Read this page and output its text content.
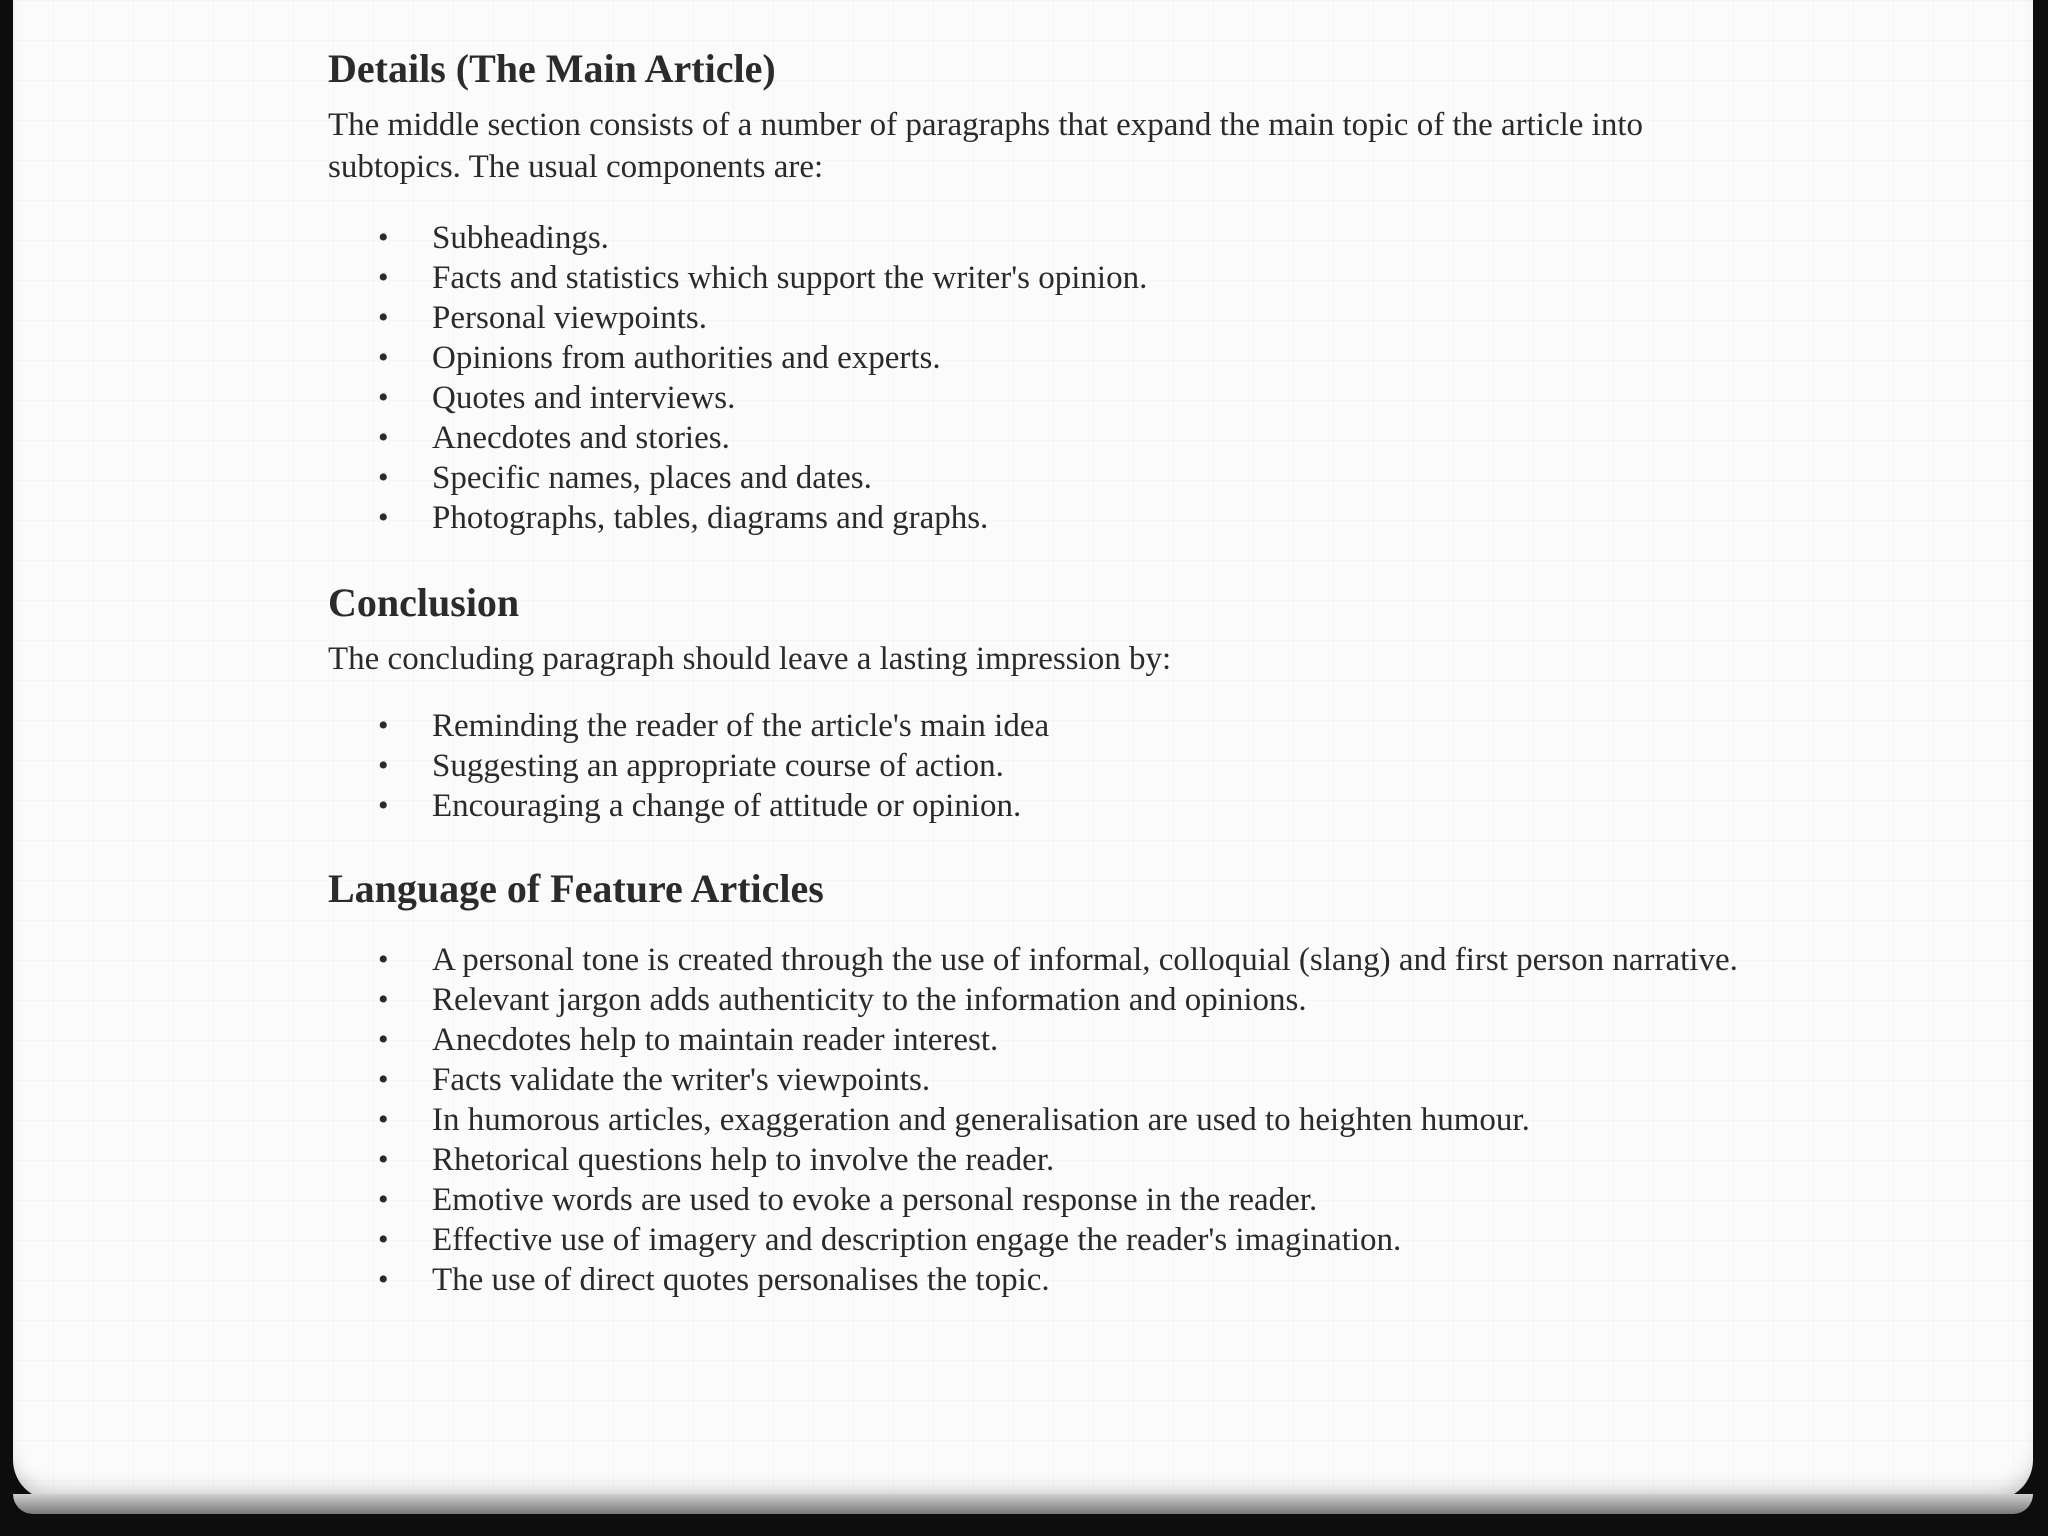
Details (The Main Article)

The middle section consists of a number of paragraphs that expand the main topic of the article into
subtopics. The usual components are:

• Subheadings.
• Facts and statistics which support the writer's opinion.
• Personal viewpoints.
• Opinions from authorities and experts.
• Quotes and interviews.
• Anecdotes and stories.
• Specific names, places and dates.
• Photographs, tables, diagrams and graphs.
Conclusion

The concluding paragraph should leave a lasting impression by:

• Reminding the reader of the article's main idea
• Suggesting an appropriate course of action.
• Encouraging a change of attitude or opinion.
Language of Feature Articles
• A personal tone is created through the use of informal, colloquial (slang) and first person narrative.
• Relevant jargon adds authenticity to the information and opinions.
• Anecdotes help to maintain reader interest.
• Facts validate the writer's viewpoints.
• In humorous articles, exaggeration and generalisation are used to heighten humour.
• Rhetorical questions help to involve the reader.
• Emotive words are used to evoke a personal response in the reader.
• Effective use of imagery and description engage the reader's imagination.
• The use of direct quotes personalises the topic.
